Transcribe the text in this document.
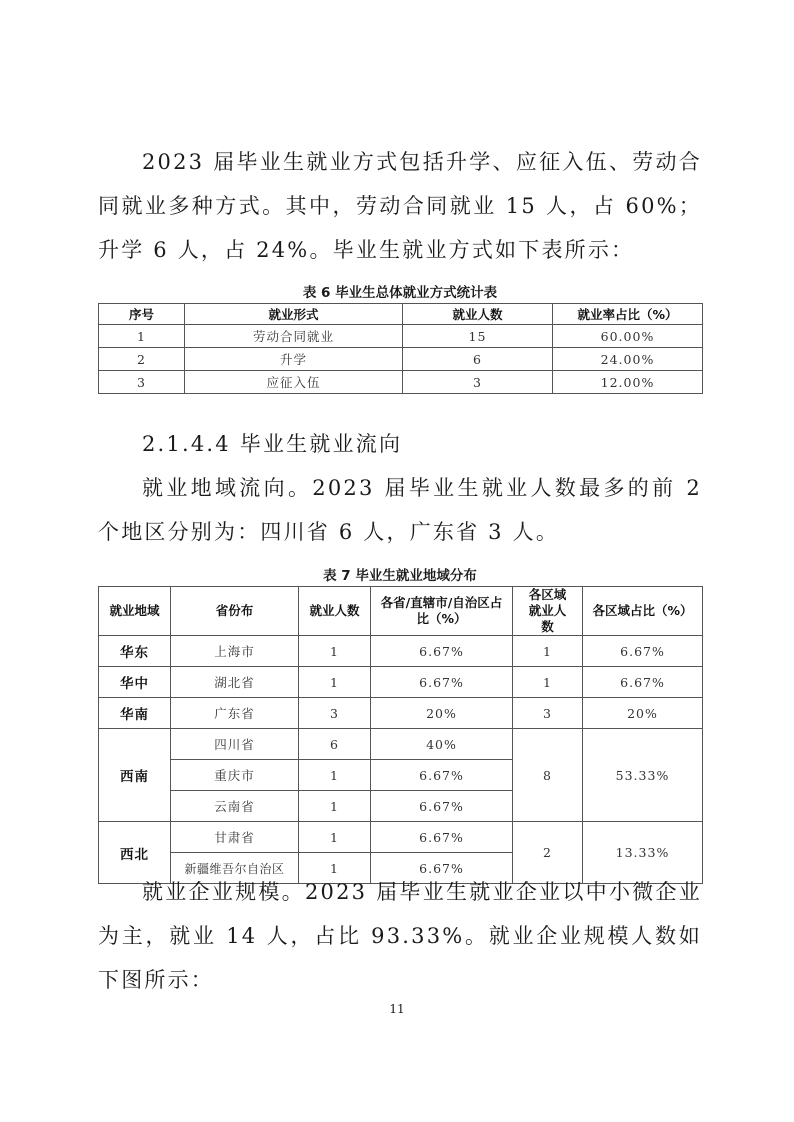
2023 届毕业生就业方式包括升学、应征入伍、劳动合同就业多种方式。其中，劳动合同就业 15 人，占 60%；升学 6 人，占 24%。毕业生就业方式如下表所示：

表 6 毕业生总体就业方式统计表

序号	就业形式	就业人数	就业率占比（%）
1	劳动合同就业	15	60.00%
2	升学	6	24.00%
3	应征入伍	3	12.00%

2.1.4.4 毕业生就业流向

就业地域流向。2023 届毕业生就业人数最多的前 2 个地区分别为：四川省 6 人，广东省 3 人。

表 7 毕业生就业地域分布

就业地域	省份布	就业人数	各省/直辖市/自治区占比（%）	各区域就业人数	各区域占比（%）
华东	上海市	1	6.67%	1	6.67%
华中	湖北省	1	6.67%	1	6.67%
华南	广东省	3	20%	3	20%
西南	四川省	6	40%	8	53.33%
	重庆市	1	6.67%		
	云南省	1	6.67%		
西北	甘肃省	1	6.67%	2	13.33%
	新疆维吾尔自治区	1	6.67%		

就业企业规模。2023 届毕业生就业企业以中小微企业为主，就业 14 人，占比 93.33%。就业企业规模人数如下图所示：

11
